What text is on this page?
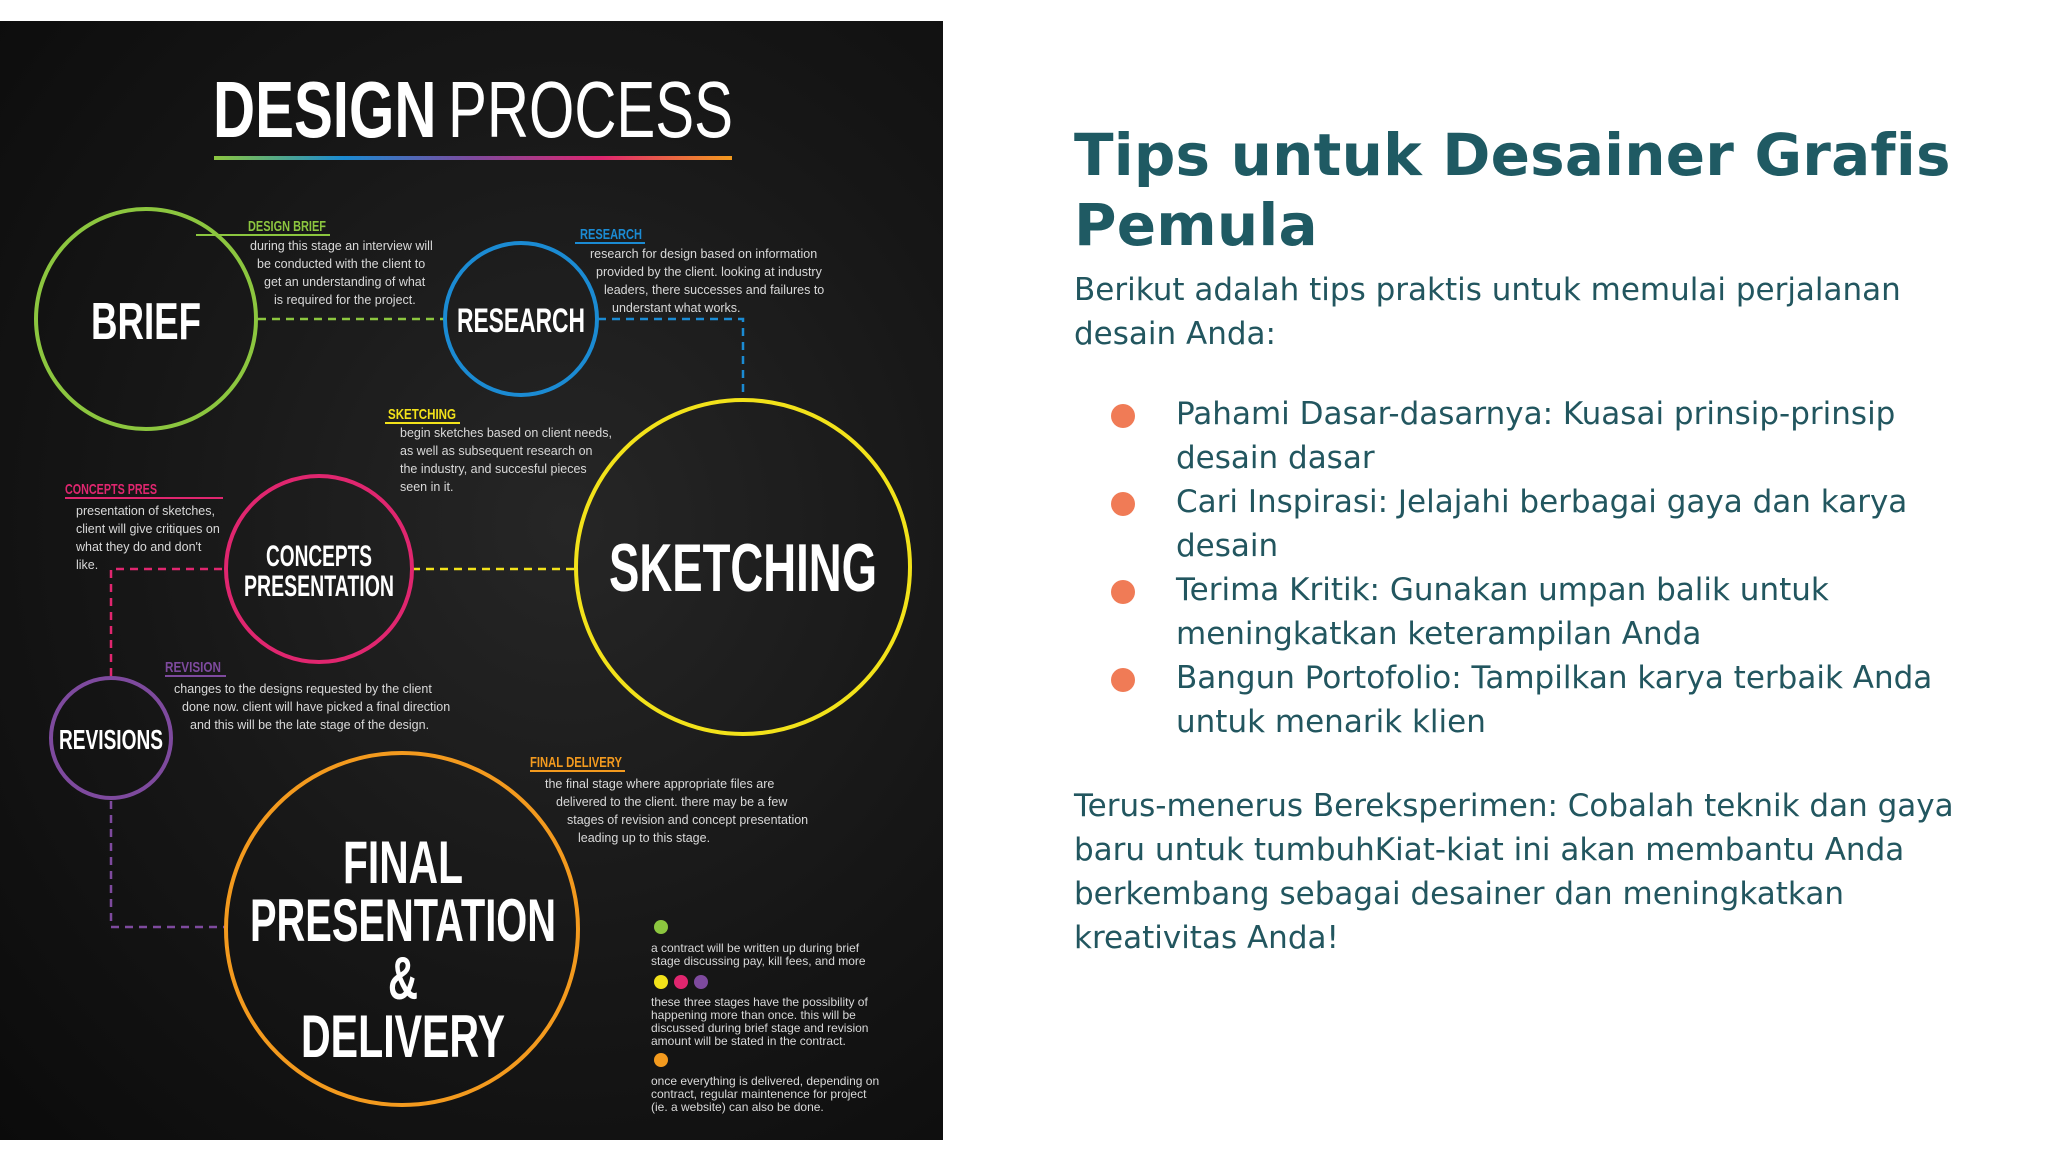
DESIGNPROCESS
BRIEF	RESEARCH
SKETCHING
CONCEPTS
PRESENTATION
REVISIONS
FINAL
PRESENTATION
&
DELIVERY
DESIGN BRIEF	RESEARCH
SKETCHING
CONCEPTS PRES
REVISION
FINAL DELIVERY
during this stage an interview will
be conducted with the client to
get an understanding of what
is required for the project.
research for design based on information
provided by the client. looking at industry
leaders, there successes and failures to
understant what works.
begin sketches based on client needs,
as well as subsequent research on
the industry, and succesful pieces
seen in it.
presentation of sketches,
client will give critiques on
what they do and don't
like.
changes to the designs requested by the client
done now. client will have picked a final direction
and this will be the late stage of the design.
the final stage where appropriate files are
delivered to the client. there may be a few
stages of revision and concept presentation
leading up to this stage.
a contract will be written up during brief
stage discussing pay, kill fees, and more
these three stages have the possibility of
happening more than once. this will be
discussed during brief stage and revision
amount will be stated in the contract.
once everything is delivered, depending on
contract, regular maintenence for project
(ie. a website) can also be done.
Tips untuk Desainer Grafis Pemula

Berikut adalah tips praktis untuk memulai perjalanan desain Anda:

Pahami Dasar-dasarnya: Kuasai prinsip-prinsip desain dasar
Cari Inspirasi: Jelajahi berbagai gaya dan karya desain
Terima Kritik: Gunakan umpan balik untuk meningkatkan keterampilan Anda
Bangun Portofolio: Tampilkan karya terbaik Anda untuk menarik klien

Terus-menerus Bereksperimen: Cobalah teknik dan gaya baru untuk tumbuhKiat-kiat ini akan membantu Anda berkembang sebagai desainer dan meningkatkan kreativitas Anda!
